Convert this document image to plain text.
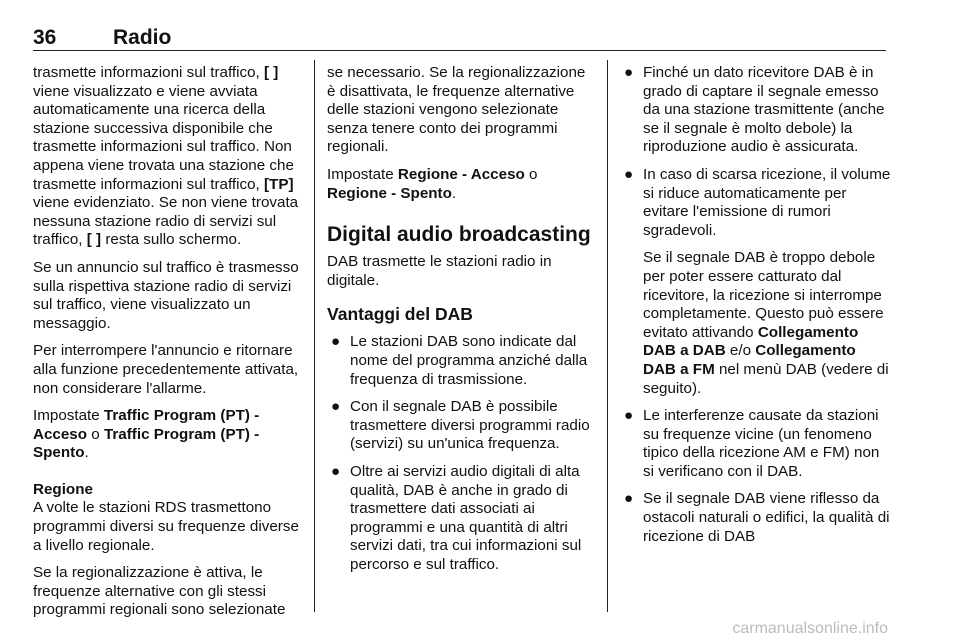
36	Radio

trasmette informazioni sul traffico, [ ] viene visualizzato e viene avviata automaticamente una ricerca della stazione successiva disponibile che trasmette informazioni sul traffico. Non appena viene trovata una stazione che trasmette informazioni sul traffico, [TP] viene evidenziato. Se non viene trovata nessuna stazione radio di servizi sul traffico, [ ] resta sullo schermo.

Se un annuncio sul traffico è trasmesso sulla rispettiva stazione radio di servizi sul traffico, viene visualizzato un messaggio.

Per interrompere l'annuncio e ritornare alla funzione precedentemente attivata, non considerare l'allarme.

Impostate Traffic Program (PT) - Acceso o Traffic Program (PT) - Spento.

Regione

A volte le stazioni RDS trasmettono programmi diversi su frequenze diverse a livello regionale.

Se la regionalizzazione è attiva, le frequenze alternative con gli stessi programmi regionali sono selezionate

se necessario. Se la regionalizzazione è disattivata, le frequenze alternative delle stazioni vengono selezionate senza tenere conto dei programmi regionali.

Impostate Regione - Acceso o Regione - Spento.

Digital audio broadcasting

DAB trasmette le stazioni radio in digitale.

Vantaggi del DAB
● Le stazioni DAB sono indicate dal nome del programma anziché dalla frequenza di trasmissione.
● Con il segnale DAB è possibile trasmettere diversi programmi radio (servizi) su un'unica frequenza.
● Oltre ai servizi audio digitali di alta qualità, DAB è anche in grado di trasmettere dati associati ai programmi e una quantità di altri servizi dati, tra cui informazioni sul percorso e sul traffico.
● Finché un dato ricevitore DAB è in grado di captare il segnale emesso da una stazione trasmittente (anche se il segnale è molto debole) la riproduzione audio è assicurata.
● In caso di scarsa ricezione, il volume si riduce automaticamente per evitare l'emissione di rumori sgradevoli.
Se il segnale DAB è troppo debole per poter essere catturato dal ricevitore, la ricezione si interrompe completamente. Questo può essere evitato attivando Collegamento DAB a DAB e/o Collegamento DAB a FM nel menù DAB (vedere di seguito).
● Le interferenze causate da stazioni su frequenze vicine (un fenomeno tipico della ricezione AM e FM) non si verificano con il DAB.
● Se il segnale DAB viene riflesso da ostacoli naturali o edifici, la qualità di ricezione di DAB
carmanualsonline.info
